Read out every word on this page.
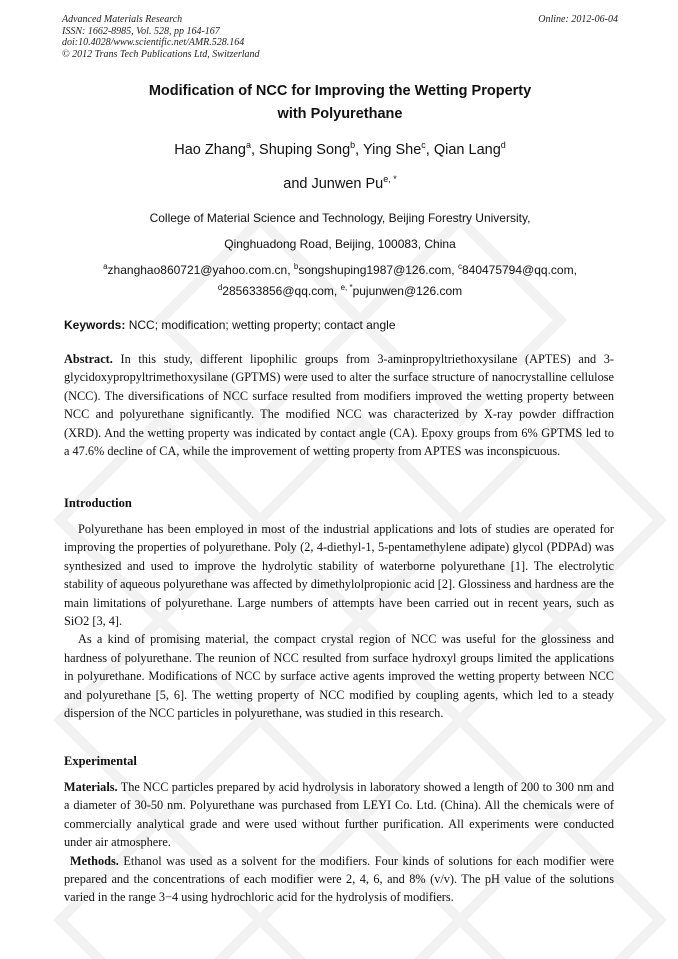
Advanced Materials Research
ISSN: 1662-8985, Vol. 528, pp 164-167
doi:10.4028/www.scientific.net/AMR.528.164
© 2012 Trans Tech Publications Ltd, Switzerland
Online: 2012-06-04
Modification of NCC for Improving the Wetting Property
with Polyurethane
Hao Zhang$^a$, Shuping Song$^b$, Ying She$^c$, Qian Lang$^d$
and Junwen $Pu^{e, *}$
College of Material Science and Technology, Beijing Forestry University,
Qinghuadong Road, Beijing, 100083, China
$^a$zhanghao860721@yahoo.com.cn, $^b$songshuping1987@126.com, $^c$840475794@qq.com,
$^d$285633856@qq.com, $^{e, *}$pujunwen@126.com
Keywords: NCC; modification; wetting property; contact angle

Abstract. In this study, different lipophilic groups from 3-aminpropyltriethoxysilane (APTES) and 3-glycidoxypropyltrimethoxysilane (GPTMS) were used to alter the surface structure of nanocrystalline cellulose (NCC). The diversifications of NCC surface resulted from modifiers improved the wetting property between NCC and polyurethane significantly. The modified NCC was characterized by X-ray powder diffraction (XRD). And the wetting property was indicated by contact angle (CA). Epoxy groups from 6% GPTMS led to a 47.6% decline of CA, while the improvement of wetting property from APTES was inconspicuous.

Introduction

Polyurethane has been employed in most of the industrial applications and lots of studies are operated for improving the properties of polyurethane. Poly (2, 4-diethyl-1, 5-pentamethylene adipate) glycol (PDPAd) was synthesized and used to improve the hydrolytic stability of waterborne polyurethane [1]. The electrolytic stability of aqueous polyurethane was affected by dimethylolpropionic acid [2]. Glossiness and hardness are the main limitations of polyurethane. Large numbers of attempts have been carried out in recent years, such as SiO2 [3, 4].

As a kind of promising material, the compact crystal region of NCC was useful for the glossiness and hardness of polyurethane. The reunion of NCC resulted from surface hydroxyl groups limited the applications in polyurethane. Modifications of NCC by surface active agents improved the wetting property between NCC and polyurethane [5, 6]. The wetting property of NCC modified by coupling agents, which led to a steady dispersion of the NCC particles in polyurethane, was studied in this research.

Experimental

Materials. The NCC particles prepared by acid hydrolysis in laboratory showed a length of 200 to 300 nm and a diameter of 30-50 nm. Polyurethane was purchased from LEYI Co. Ltd. (China). All the chemicals were of commercially analytical grade and were used without further purification. All experiments were conducted under air atmosphere.

Methods. Ethanol was used as a solvent for the modifiers. Four kinds of solutions for each modifier were prepared and the concentrations of each modifier were 2, 4, 6, and 8% (v/v). The pH value of the solutions varied in the range 3−4 using hydrochloric acid for the hydrolysis of modifiers.
